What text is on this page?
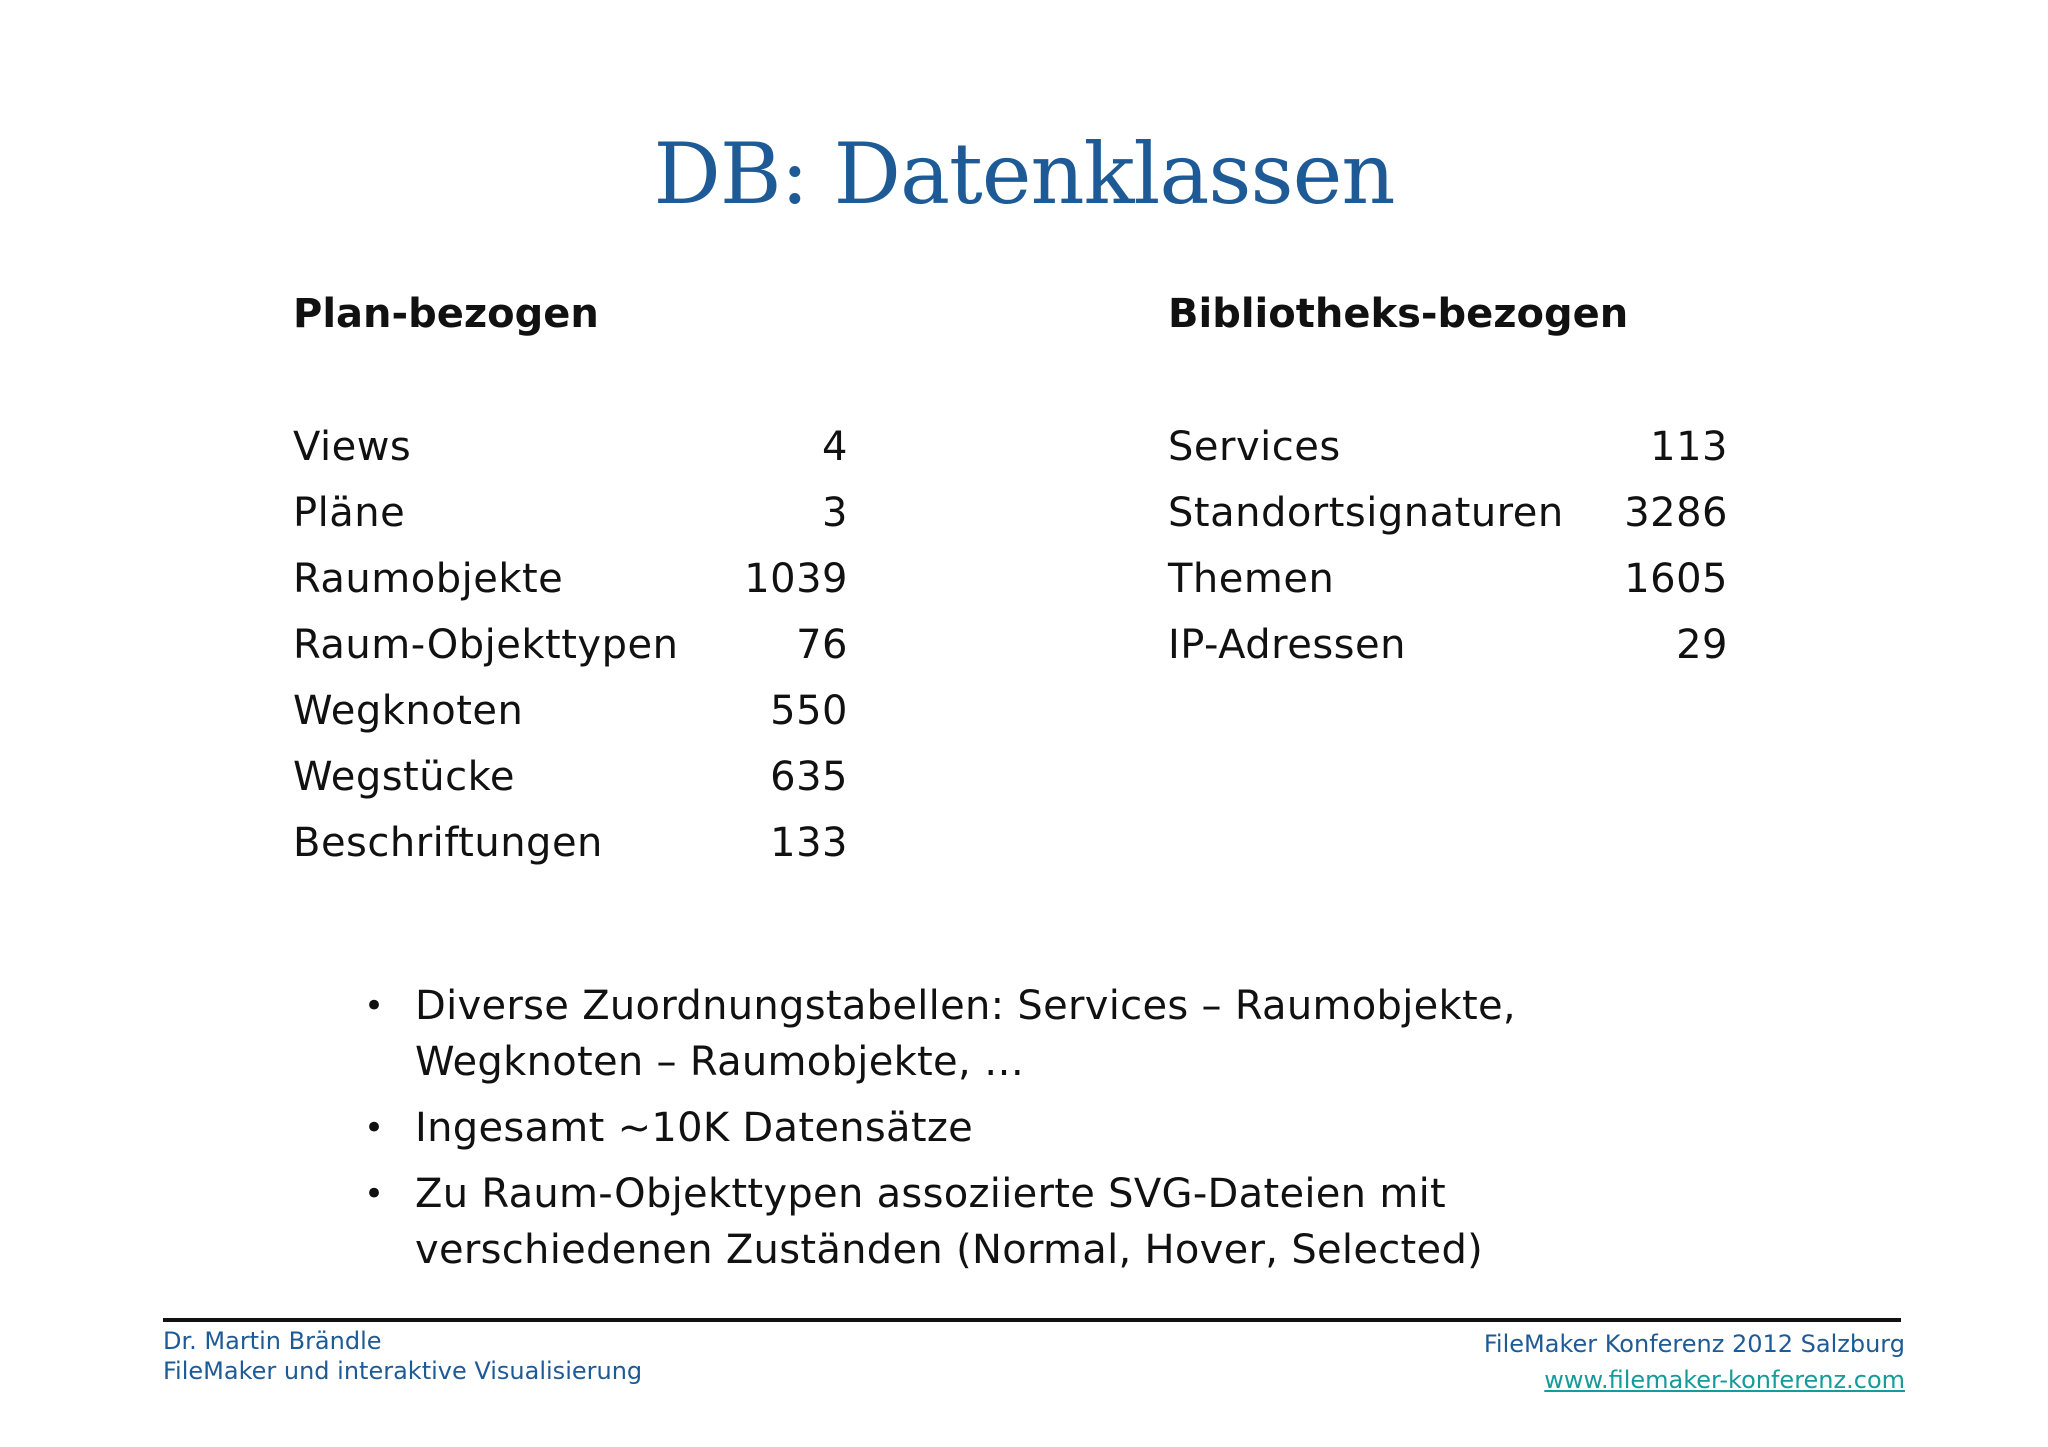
DB: Datenklassen
Plan-bezogen
Views	4
Pläne	3
Raumobjekte	1039
Raum-Objekttypen	76
Wegknoten	550
Wegstücke	635
Beschriftungen	133
Bibliotheks-bezogen
Services	113
Standortsignaturen 3286
Themen	1605
IP-Adressen	29
• Diverse Zuordnungstabellen: Services – Raumobjekte,
Wegknoten – Raumobjekte, …
• Ingesamt ~10K Datensätze
• Zu Raum-Objekttypen assoziierte SVG-Dateien mit
verschiedenen Zuständen (Normal, Hover, Selected)
Dr. Martin Brändle
FileMaker und interaktive Visualisierung
FileMaker Konferenz 2012 Salzburg
www.filemaker-konferenz.com
